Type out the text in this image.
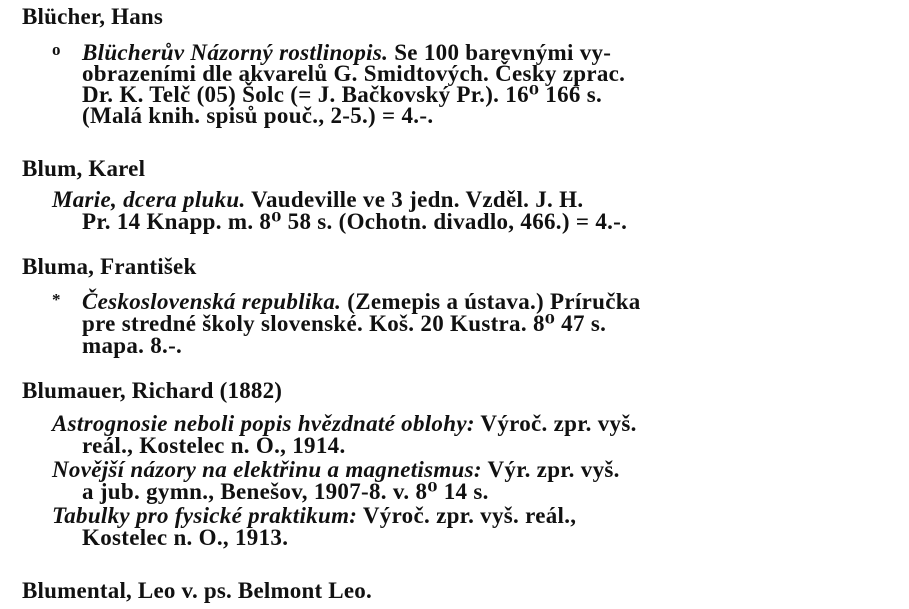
Blücher, Hans
o Blücherův Názorný rostlinopis. Se 100 barevnými vy-
obrazeními dle akvarelů G. Smidtových. Česky zprac.
Dr. K. Telč (05) Šolc (= J. Bačkovský Pr.). 16⁰ 166 s.
(Malá knih. spisů pouč., 2-5.) = 4.-.
Blum, Karel
Marie, dcera pluku. Vaudeville ve 3 jedn. Vzděl. J. H.
Pr. 14 Knapp. m. 8⁰ 58 s. (Ochotn. divadlo, 466.) = 4.-.
Bluma, František
* Československá republika. (Zemepis a ústava.) Príručka
pre stredné školy slovenské. Koš. 20 Kustra. 8⁰ 47 s.
mapa. 8.-.
Blumauer, Richard (1882)
Astrognosie neboli popis hvězdnaté oblohy: Výroč. zpr. vyš.
reál., Kostelec n. O., 1914.
Novější názory na elektřinu a magnetismus: Výr. zpr. vyš.
a jub. gymn., Benešov, 1907-8. v. 8⁰ 14 s.
Tabulky pro fysické praktikum: Výroč. zpr. vyš. reál.,
Kostelec n. O., 1913.
Blumental, Leo v. ps. Belmont Leo.
